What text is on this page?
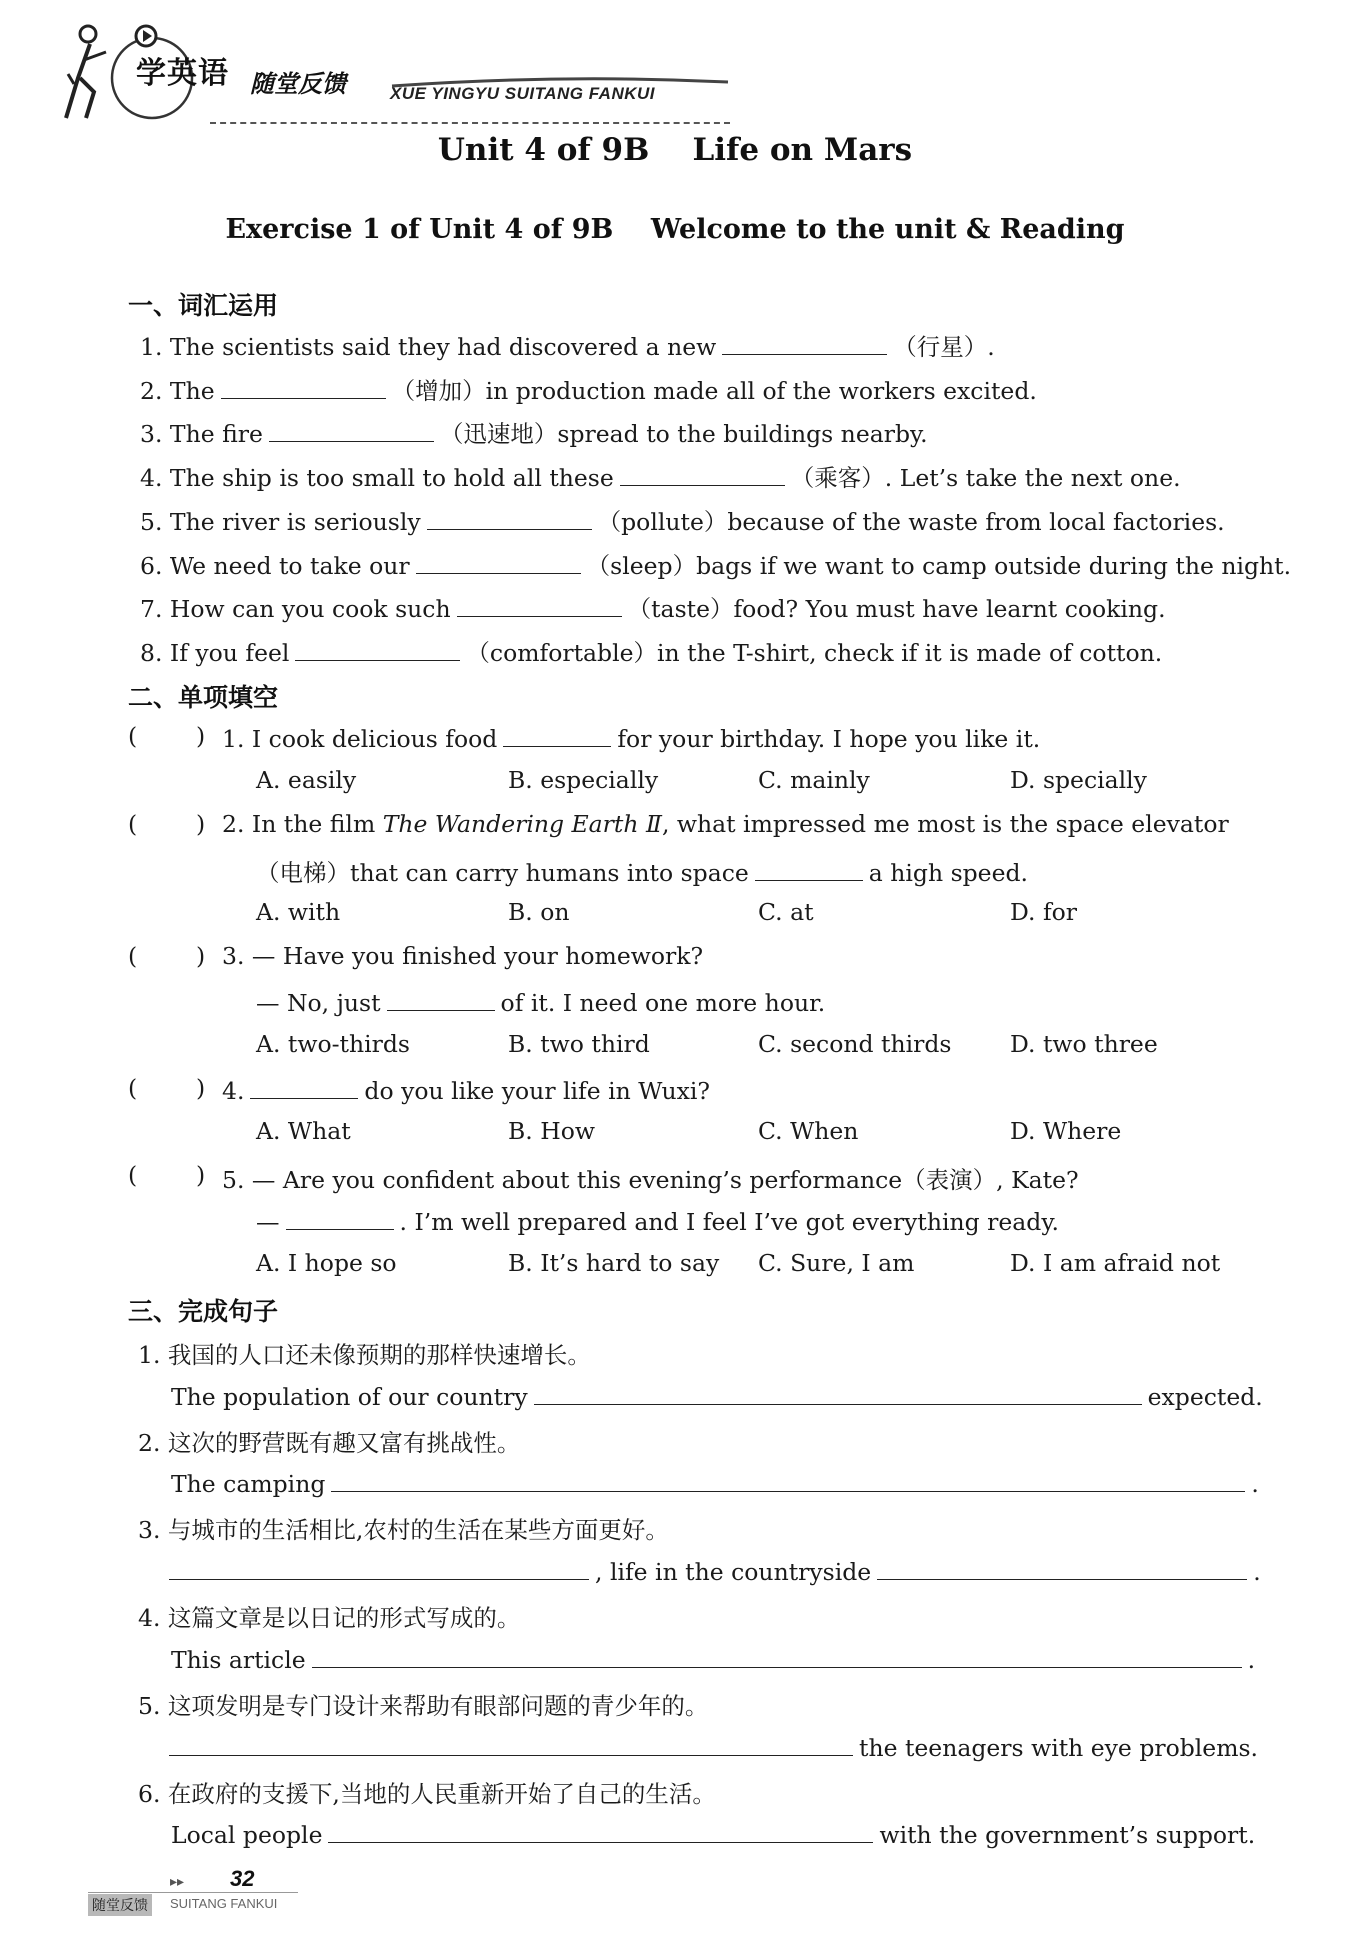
学英语 随堂反馈	XUE YINGYU SUITANG FANKUI
Unit 4 of 9B    Life on Mars
Exercise 1 of Unit 4 of 9B    Welcome to the unit & Reading
一、词汇运用
1. The scientists said they had discovered a new	（行星）.
2. The	（增加）in production made all of the workers excited.
3. The fire	（迅速地）spread to the buildings nearby.
4. The ship is too small to hold all these	（乘客）. Let’s take the next one.
5. The river is seriously	（pollute）because of the waste from local factories.
6. We need to take our	（sleep）bags if we want to camp outside during the night.
7. How can you cook such	（taste）food? You must have learnt cooking.
8. If you feel	（comfortable）in the T-shirt, check if it is made of cotton.
二、单项填空
(	) 1. I cook delicious food	for your birthday. I hope you like it.
A. easily	B. especially	C. mainly	D. specially
(	) 2. In the film The Wandering Earth Ⅱ, what impressed me most is the space elevator
（电梯）that can carry humans into space	a high speed.
A. with	B. on	C. at	D. for
(	) 3. — Have you finished your homework?
— No, just	of it. I need one more hour.
A. two-thirds	B. two third	C. second thirds D. two three
(	) 4.	do you like your life in Wuxi?
A. What	B. How	C. When	D. Where
(	) 5. — Are you confident about this evening’s performance（表演）, Kate?
—	. I’m well prepared and I feel I’ve got everything ready.
A. I hope so	B. It’s hard to say C. Sure, I am	D. I am afraid not
三、完成句子
1. 我国的人口还未像预期的那样快速增长。
The population of our country	expected.
2. 这次的野营既有趣又富有挑战性。
The camping	.
3. 与城市的生活相比,农村的生活在某些方面更好。
, life in the countryside	.
4. 这篇文章是以日记的形式写成的。
This article	.
5. 这项发明是专门设计来帮助有眼部问题的青少年的。
the teenagers with eye problems.
6. 在政府的支援下,当地的人民重新开始了自己的生活。
Local people	with the government’s support.
▸▸ 32
随堂反馈	SUITANG FANKUI
